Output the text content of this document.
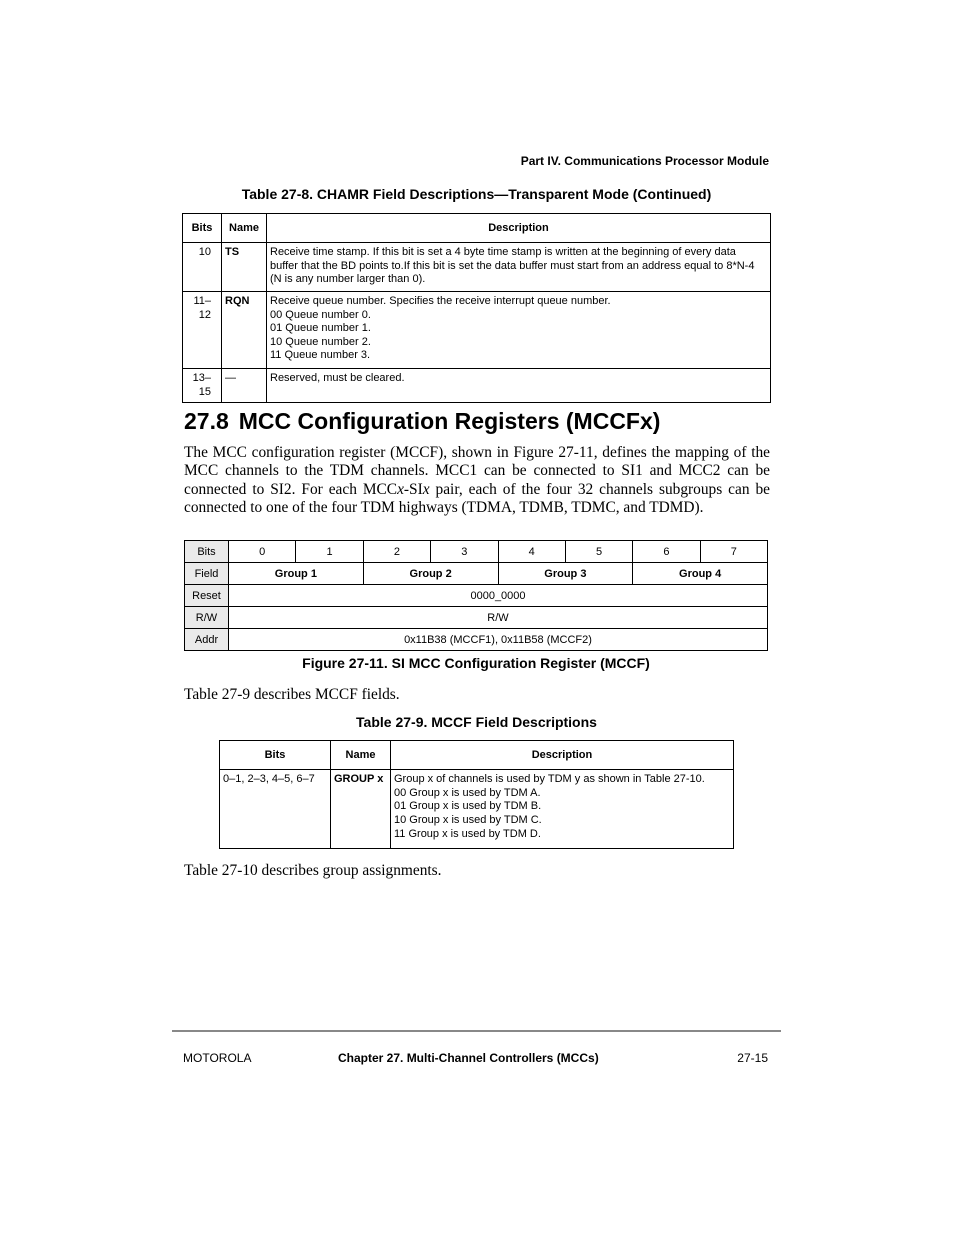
Part IV. Communications Processor Module
Table 27-8. CHAMR Field Descriptions—Transparent Mode (Continued)
Bits	Name	Description
10	TS	Receive time stamp. If this bit is set a 4 byte time stamp is written at the beginning of every data
buffer that the BD points to.If this bit is set the data buffer must start from an address equal to 8*N-4
(N is any number larger than 0).

11–12	RQN	Receive queue number. Specifies the receive interrupt queue number.
00 Queue number 0.
01 Queue number 1.
10 Queue number 2.
11 Queue number 3.

13–15	—	Reserved, must be cleared.
27.8 MCC Configuration Registers (MCCFx)

The MCC configuration register (MCCF), shown in Figure 27-11, defines the mapping of the MCC channels to the TDM channels. MCC1 can be connected to SI1 and MCC2 can be connected to SI2. For each MCCx-SIx pair, each of the four 32 channels subgroups can be connected to one of the four TDM highways (TDMA, TDMB, TDMC, and TDMD).

Bits	0	1	2	3	4	5	6	7
Field	Group 1		Group 2		Group 3		Group 4	
Reset	0000_0000							
R/W	R/W							
Addr	0x11B38 (MCCF1), 0x11B58 (MCCF2)							
Figure 27-11. SI MCC Configuration Register (MCCF)

Table 27-9 describes MCCF fields.

Table 27-9. MCCF Field Descriptions
Bits	Name	Description
0–1, 2–3, 4–5, 6–7	GROUP x	Group x of channels is used by TDM y as shown in Table 27-10.
00 Group x is used by TDM A.
01 Group x is used by TDM B.
10 Group x is used by TDM C.
11 Group x is used by TDM D.

Table 27-10 describes group assignments.

MOTOROLA	Chapter 27. Multi-Channel Controllers (MCCs)	27-15
